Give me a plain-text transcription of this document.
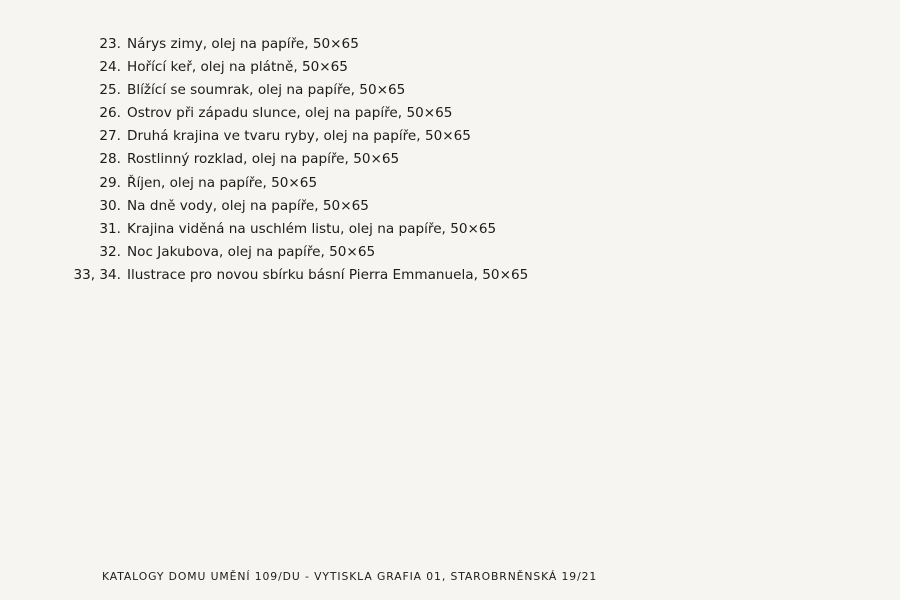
23. Nárys zimy, olej na papíře, 50×65
24. Hořící keř, olej na plátně, 50×65
25. Blížící se soumrak, olej na papíře, 50×65
26. Ostrov při západu slunce, olej na papíře, 50×65
27. Druhá krajina ve tvaru ryby, olej na papíře, 50×65
28. Rostlinný rozklad, olej na papíře, 50×65
29. Říjen, olej na papíře, 50×65
30. Na dně vody, olej na papíře, 50×65
31. Krajina viděná na uschlém listu, olej na papíře, 50×65
32. Noc Jakubova, olej na papíře, 50×65
33, 34. Ilustrace pro novou sbírku básní Pierra Emmanuela, 50×65
KATALOGY DOMU UMĚNÍ 109/DU - VYTISKLA GRAFIA 01, STAROBRNĚNSKÁ 19/21
